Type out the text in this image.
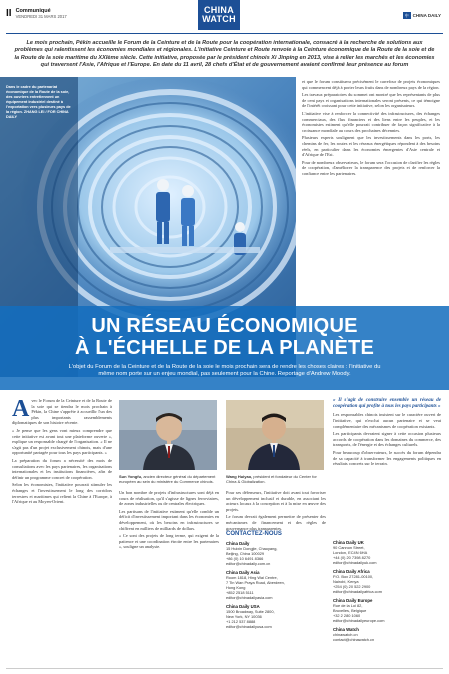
II Communiqué
VENDREDI 31 MARS 2017
CHINA
WATCH	中 CHINA DAILY
Le mois prochain, Pékin accueille le Forum de la Ceinture et de la Route pour la coopération internationale, consacré à la recherche de solutions aux problèmes qui ralentissent les économies mondiales et régionales. L'initiative Ceinture et Route renvoie à la Ceinture économique de la Route de la soie et de la Route de la soie maritime du XXIème siècle. Cette initiative, proposée par le président chinois Xi Jinping en 2013, vise à relier les marchés et les économies qui traversent l'Asie, l'Afrique et l'Europe. En date du 11 avril, 28 chefs d'État et de gouvernement avaient confirmé leur présence au forum
Dans le cadre du partenariat économique de la Route de la soie, des ouvriers entretiennent un équipement industriel destiné à l'exportation vers plusieurs pays de la région. ZHANG LEI / FOR CHINA DAILY

et que le forum constituera précisément le carrefour de projets économiques qui commencent déjà à porter leurs fruits dans de nombreux pays de la région.

Les travaux préparatoires du sommet ont montré que les représentants de plus de cent pays et organisations internationales seront présents, ce qui témoigne de l'intérêt croissant pour cette initiative, selon les organisateurs.

L'initiative vise à renforcer la connectivité des infrastructures, des échanges commerciaux, des flux financiers et des liens entre les peuples, et les économistes estiment qu'elle pourrait contribuer de façon significative à la croissance mondiale au cours des prochaines décennies.

Plusieurs experts soulignent que les investissements dans les ports, les chemins de fer, les routes et les réseaux énergétiques répondent à des besoins réels, en particulier dans les économies émergentes d'Asie centrale et d'Afrique de l'Est.

Pour de nombreux observateurs, le forum sera l'occasion de clarifier les règles de coopération, d'améliorer la transparence des projets et de renforcer la confiance entre les partenaires.

UN RÉSEAU ÉCONOMIQUE
À L'ÉCHELLE DE LA PLANÈTE
L'objet du Forum de la Ceinture et de la Route de la soie le mois prochain sera de rendre les choses claires : l'initiative du même nom porte sur un enjeu mondial, pas seulement pour la Chine. Reportage d'Andrew Moody.
A vec le Forum de la Ceinture et de la Route de la soie qui se tiendra le mois prochain à Pékin, la Chine s'apprête à accueillir l'un des plus importants rassemblements diplomatiques de son histoire récente.

« Je pense que les gens vont mieux comprendre que cette initiative est avant tout une plateforme ouverte », explique un responsable chargé de l'organisation. « Il ne s'agit pas d'un projet exclusivement chinois, mais d'une opportunité partagée pour tous les pays participants. »

La préparation du forum a nécessité des mois de consultations avec les pays partenaires, les organisations internationales et les institutions financières, afin de définir un programme concret de coopération.

Selon les économistes, l'initiative pourrait stimuler les échanges et l'investissement le long des corridors terrestres et maritimes qui relient la Chine à l'Europe, à l'Afrique et au Moyen-Orient.

Sun Yongfu, ancien directeur général du département européen au sein du ministère du Commerce chinois.
Wang Huiyao, président et fondateur du Center for China & Globalization.

Un bon nombre de projets d'infrastructures sont déjà en cours de réalisation, qu'il s'agisse de lignes ferroviaires, de zones industrielles ou de centrales électriques.

Les partisans de l'initiative estiment qu'elle comble un déficit d'investissement important dans les économies en développement, où les besoins en infrastructures se chiffrent en milliers de milliards de dollars.

« Ce sont des projets de long terme, qui exigent de la patience et une coordination étroite entre les partenaires », souligne un analyste.

Pour ses défenseurs, l'initiative doit avant tout favoriser un développement inclusif et durable, en associant les acteurs locaux à la conception et à la mise en œuvre des projets.

Le forum devrait également permettre de présenter des mécanismes de financement et des règles de gouvernance plus transparentes.

CONTACTEZ-NOUS
China Daily
15 Huixin Dongjie, Chaoyang,
Beijing, China 100029
+86 (0) 10 6491 8366
editor@chinadaily.com.cn
China Daily Asia
Room 1818, Hing Wai Centre,
7 Tin Wan Praya Road, Aberdeen,
Hong Kong
+852 2518 5111
editor@chinadailyasia.com
China Daily USA
1500 Broadway, Suite 2800,
New York, NY 10036
+1 212 537 8888
editor@chinadailyusa.com

« Il s'agit de construire ensemble un réseau de coopération qui profite à tous les pays participants »

Les responsables chinois insistent sur le caractère ouvert de l'initiative, qui n'exclut aucun partenaire et se veut complémentaire des mécanismes de coopération existants.

Les participants devraient signer à cette occasion plusieurs accords de coopération dans les domaines du commerce, des transports, de l'énergie et des échanges culturels.

Pour beaucoup d'observateurs, le succès du forum dépendra de sa capacité à transformer les engagements politiques en résultats concrets sur le terrain.

China Daily UK
90 Cannon Street,
London, EC4N 6HA
+44 (0) 20 7398 8270
editor@chinadailyuk.com
China Daily Africa
P.O. Box 27281-00100,
Nairobi, Kenya
+254 (0) 20 522 2900
editor@chinadailyafrica.com
China Daily Europe
Rue de la Loi 82,
Bruxelles, Belgique
+32 2 280 1060
editor@chinadailyeurope.com
China Watch
chinawatch.cn
contact@chinawatch.cn
